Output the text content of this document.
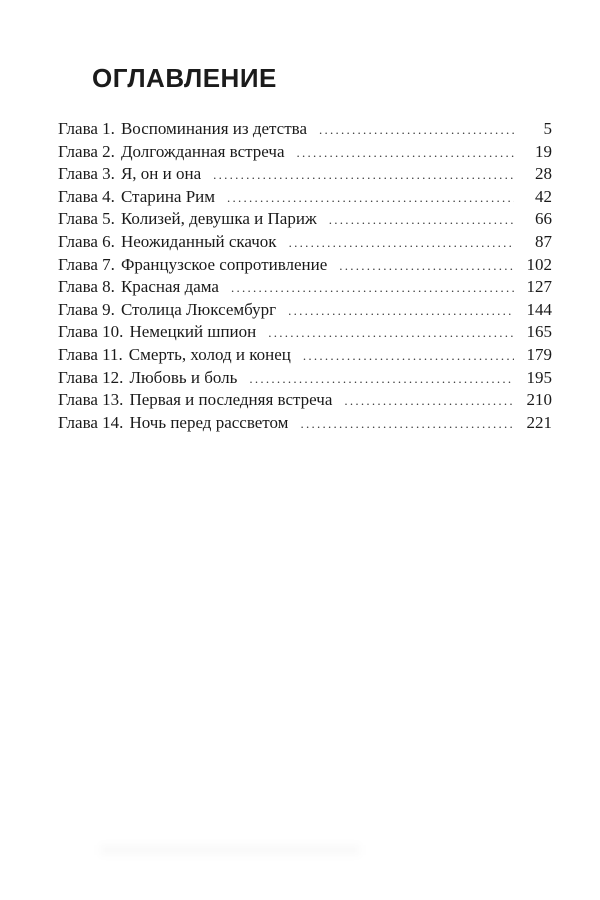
ОГЛАВЛЕНИЕ
Глава 1. Воспоминания из детства . . .	5
Глава 2. Долгожданная встреча . . .	19
Глава 3. Я, он и она . . .	28
Глава 4. Старина Рим . . .	42
Глава 5. Колизей, девушка и Париж . . .	66
Глава 6. Неожиданный скачок . . .	87
Глава 7. Французское сопротивление . . .	102
Глава 8. Красная дама . . .	127
Глава 9. Столица Люксембург . . .	144
Глава 10. Немецкий шпион . . .	165
Глава 11. Смерть, холод и конец . . .	179
Глава 12. Любовь и боль . . .	195
Глава 13. Первая и последняя встреча . . .	210
Глава 14. Ночь перед рассветом . . .	221
